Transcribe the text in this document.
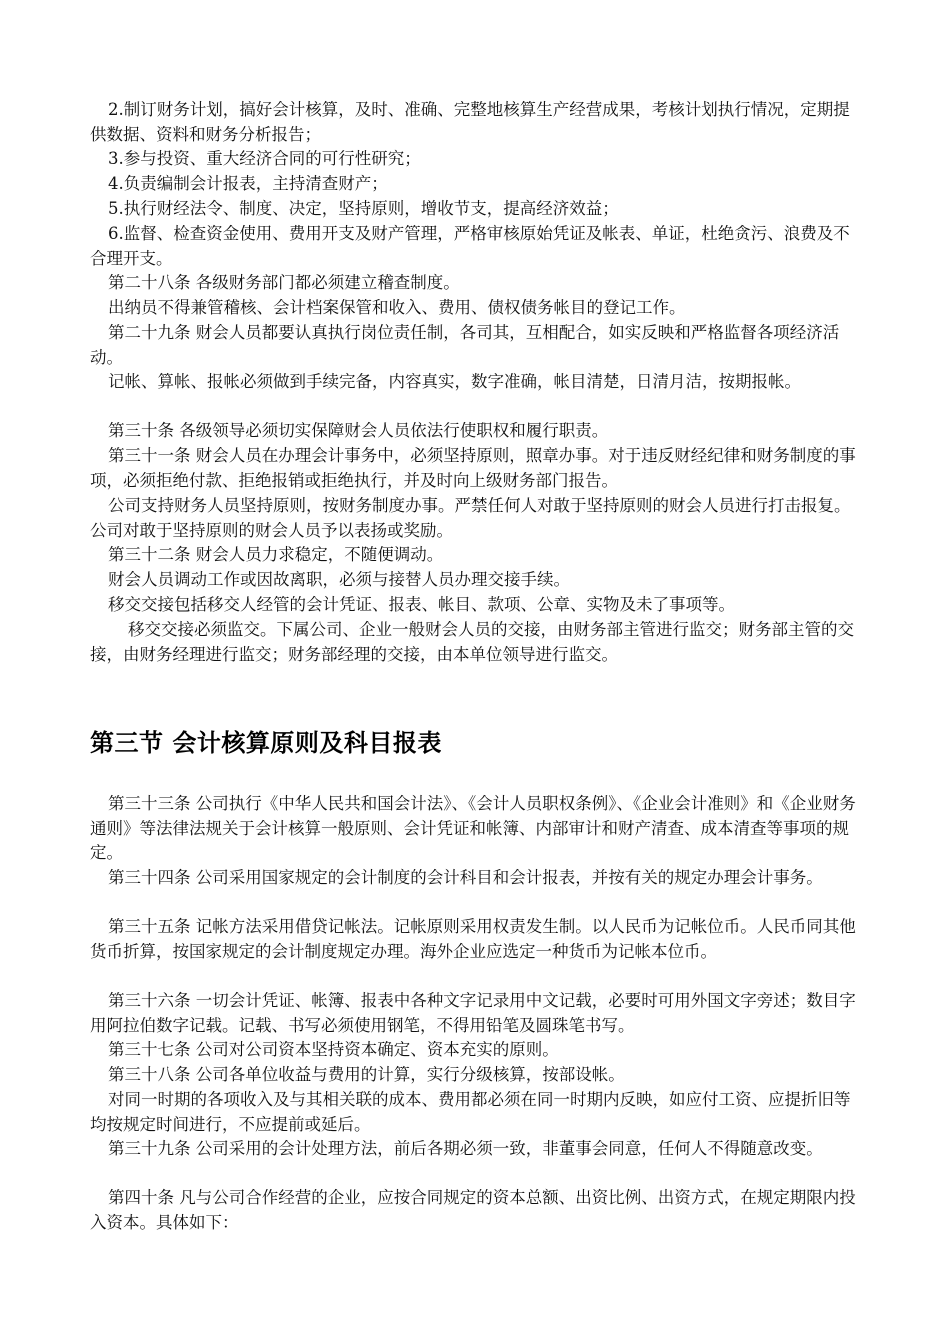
2.制订财务计划，搞好会计核算，及时、准确、完整地核算生产经营成果，考核计划执行情况，定期提供数据、资料和财务分析报告；

3.参与投资、重大经济合同的可行性研究；

4.负责编制会计报表，主持清查财产；

5.执行财经法令、制度、决定，坚持原则，增收节支，提高经济效益；

6.监督、检查资金使用、费用开支及财产管理，严格审核原始凭证及帐表、单证，杜绝贪污、浪费及不合理开支。

第二十八条 各级财务部门都必须建立稽查制度。

出纳员不得兼管稽核、会计档案保管和收入、费用、债权债务帐目的登记工作。

第二十九条 财会人员都要认真执行岗位责任制，各司其，互相配合，如实反映和严格监督各项经济活动。

记帐、算帐、报帐必须做到手续完备，内容真实，数字准确，帐目清楚，日清月洁，按期报帐。

第三十条 各级领导必须切实保障财会人员依法行使职权和履行职责。

第三十一条 财会人员在办理会计事务中，必须坚持原则，照章办事。对于违反财经纪律和财务制度的事项，必须拒绝付款、拒绝报销或拒绝执行，并及时向上级财务部门报告。

公司支持财务人员坚持原则，按财务制度办事。严禁任何人对敢于坚持原则的财会人员进行打击报复。公司对敢于坚持原则的财会人员予以表扬或奖励。

第三十二条 财会人员力求稳定，不随便调动。

财会人员调动工作或因故离职，必须与接替人员办理交接手续。

移交交接包括移交人经管的会计凭证、报表、帐目、款项、公章、实物及未了事项等。

移交交接必须监交。下属公司、企业一般财会人员的交接，由财务部主管进行监交；财务部主管的交接，由财务经理进行监交；财务部经理的交接，由本单位领导进行监交。

第三节 会计核算原则及科目报表

第三十三条 公司执行《中华人民共和国会计法》、《会计人员职权条例》、《企业会计准则》和《企业财务通则》等法律法规关于会计核算一般原则、会计凭证和帐簿、内部审计和财产清查、成本清查等事项的规定。

第三十四条 公司采用国家规定的会计制度的会计科目和会计报表，并按有关的规定办理会计事务。

第三十五条 记帐方法采用借贷记帐法。记帐原则采用权责发生制。以人民币为记帐位币。人民币同其他货币折算，按国家规定的会计制度规定办理。海外企业应选定一种货币为记帐本位币。

第三十六条 一切会计凭证、帐簿、报表中各种文字记录用中文记载，必要时可用外国文字旁述；数目字用阿拉伯数字记载。记载、书写必须使用钢笔，不得用铅笔及圆珠笔书写。

第三十七条 公司对公司资本坚持资本确定、资本充实的原则。

第三十八条 公司各单位收益与费用的计算，实行分级核算，按部设帐。

对同一时期的各项收入及与其相关联的成本、费用都必须在同一时期内反映，如应付工资、应提折旧等均按规定时间进行，不应提前或延后。

第三十九条 公司采用的会计处理方法，前后各期必须一致，非董事会同意，任何人不得随意改变。

第四十条 凡与公司合作经营的企业，应按合同规定的资本总额、出资比例、出资方式，在规定期限内投入资本。具体如下：
